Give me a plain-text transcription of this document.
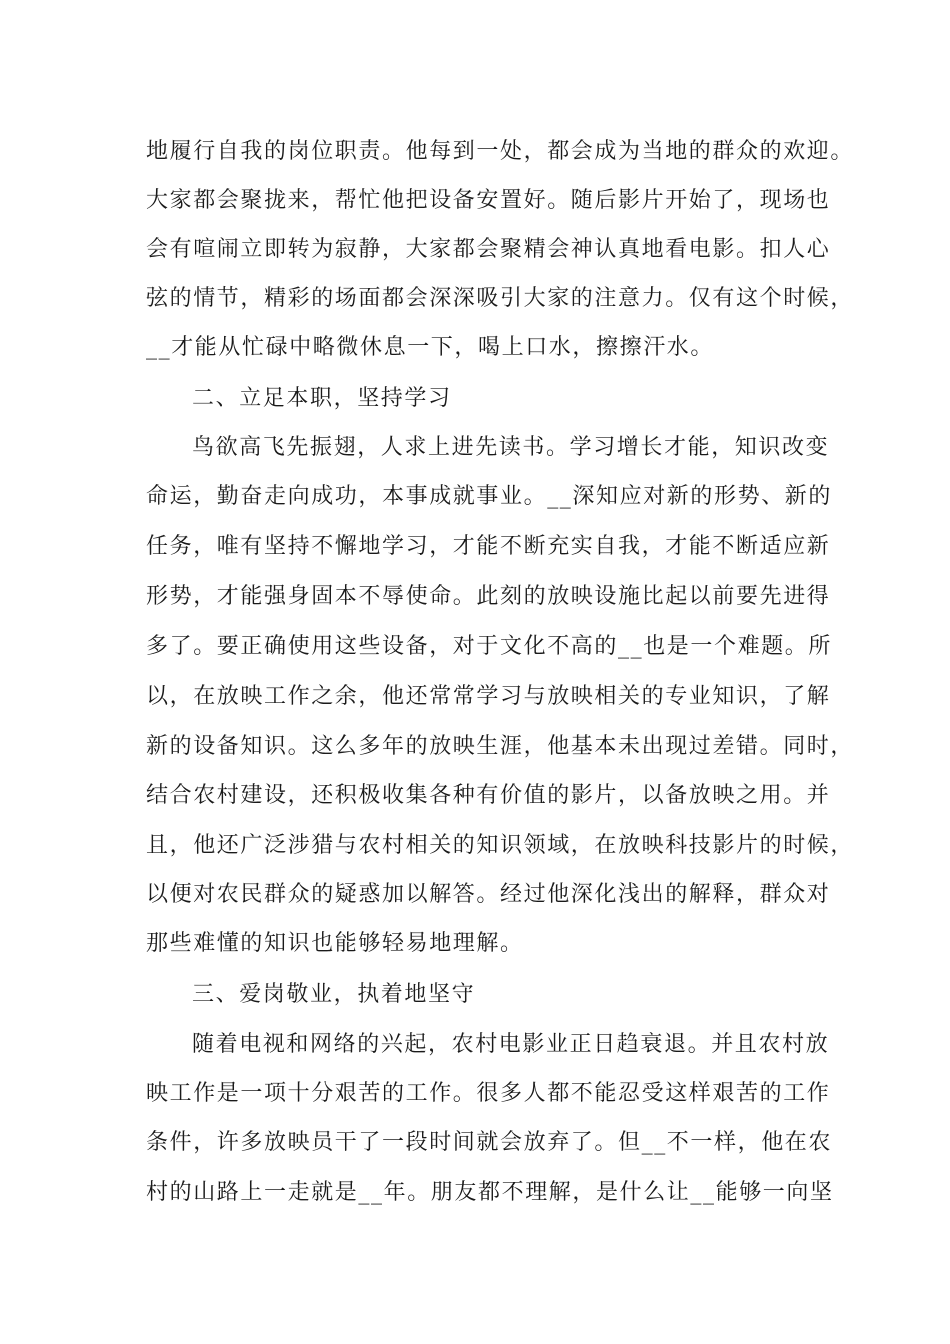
地履行自我的岗位职责。他每到一处，都会成为当地的群众的欢迎。
大家都会聚拢来，帮忙他把设备安置好。随后影片开始了，现场也
会有喧闹立即转为寂静，大家都会聚精会神认真地看电影。扣人心
弦的情节，精彩的场面都会深深吸引大家的注意力。仅有这个时候，
__才能从忙碌中略微休息一下，喝上口水，擦擦汗水。
二、立足本职，坚持学习
鸟欲高飞先振翅，人求上进先读书。学习增长才能，知识改变
命运，勤奋走向成功，本事成就事业。__深知应对新的形势、新的
任务，唯有坚持不懈地学习，才能不断充实自我，才能不断适应新
形势，才能强身固本不辱使命。此刻的放映设施比起以前要先进得
多了。要正确使用这些设备，对于文化不高的__也是一个难题。所
以，在放映工作之余，他还常常学习与放映相关的专业知识，了解
新的设备知识。这么多年的放映生涯，他基本未出现过差错。同时，
结合农村建设，还积极收集各种有价值的影片，以备放映之用。并
且，他还广泛涉猎与农村相关的知识领域，在放映科技影片的时候，
以便对农民群众的疑惑加以解答。经过他深化浅出的解释，群众对
那些难懂的知识也能够轻易地理解。
三、爱岗敬业，执着地坚守
随着电视和网络的兴起，农村电影业正日趋衰退。并且农村放
映工作是一项十分艰苦的工作。很多人都不能忍受这样艰苦的工作
条件，许多放映员干了一段时间就会放弃了。但__不一样，他在农
村的山路上一走就是__年。朋友都不理解，是什么让__能够一向坚
